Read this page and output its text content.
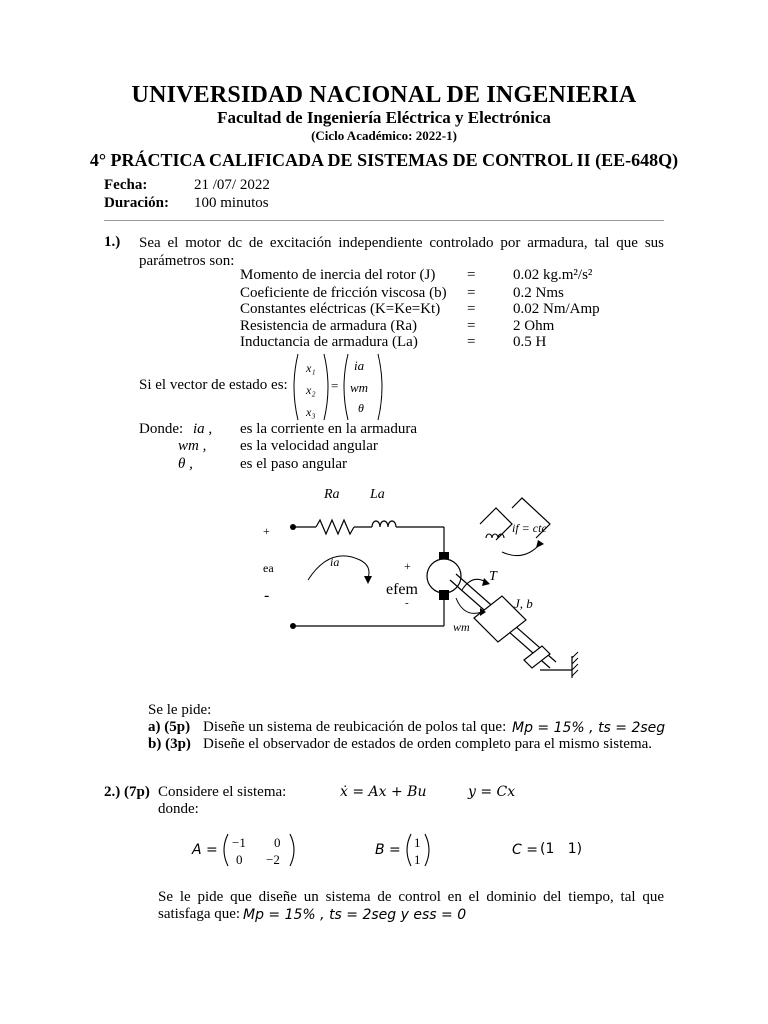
UNIVERSIDAD NACIONAL DE INGENIERIA
Facultad de Ingeniería Eléctrica y Electrónica
(Ciclo Académico: 2022-1)
4° PRÁCTICA CALIFICADA DE SISTEMAS DE CONTROL II (EE-648Q)
Fecha:	21 /07/ 2022
Duración: 100 minutos
1.) Sea el motor dc de excitación independiente controlado por armadura, tal que sus parámetros son:
Momento de inercia del rotor (J) =	0.02 kg.m²/s²
Coeficiente de fricción viscosa (b) =	0.2 Nms
Constantes eléctricas (K=Ke=Kt) =	0.02 Nm/Amp
Resistencia de armadura (Ra)	=	2 Ohm
Inductancia de armadura (La)	=	0.5 H
Si el vector de estado es:
x₁
x₂
x₃
=
ia
wm
θ
Donde: ia , es la corriente en la armadura
wm , es la velocidad angular
θ ,	es el paso angular
Ra La
+
ea
-
ia	+
efem
-
T
J, b
wm
if = cte
Se le pide:
a) (5p) Diseñe un sistema de reubicación de polos tal que: Mp = 15% , ts = 2seg
b) (3p) Diseñe el observador de estados de orden completo para el mismo sistema.
2.) (7p) Considere el sistema:	ẋ = Ax + Bu	y = Cx
donde:
A = −1 0
0 −2
B = 1
1
C = (1   1)
Se le pide que diseñe un sistema de control en el dominio del tiempo, tal que
satisfaga que: Mp = 15% , ts = 2seg y ess = 0
